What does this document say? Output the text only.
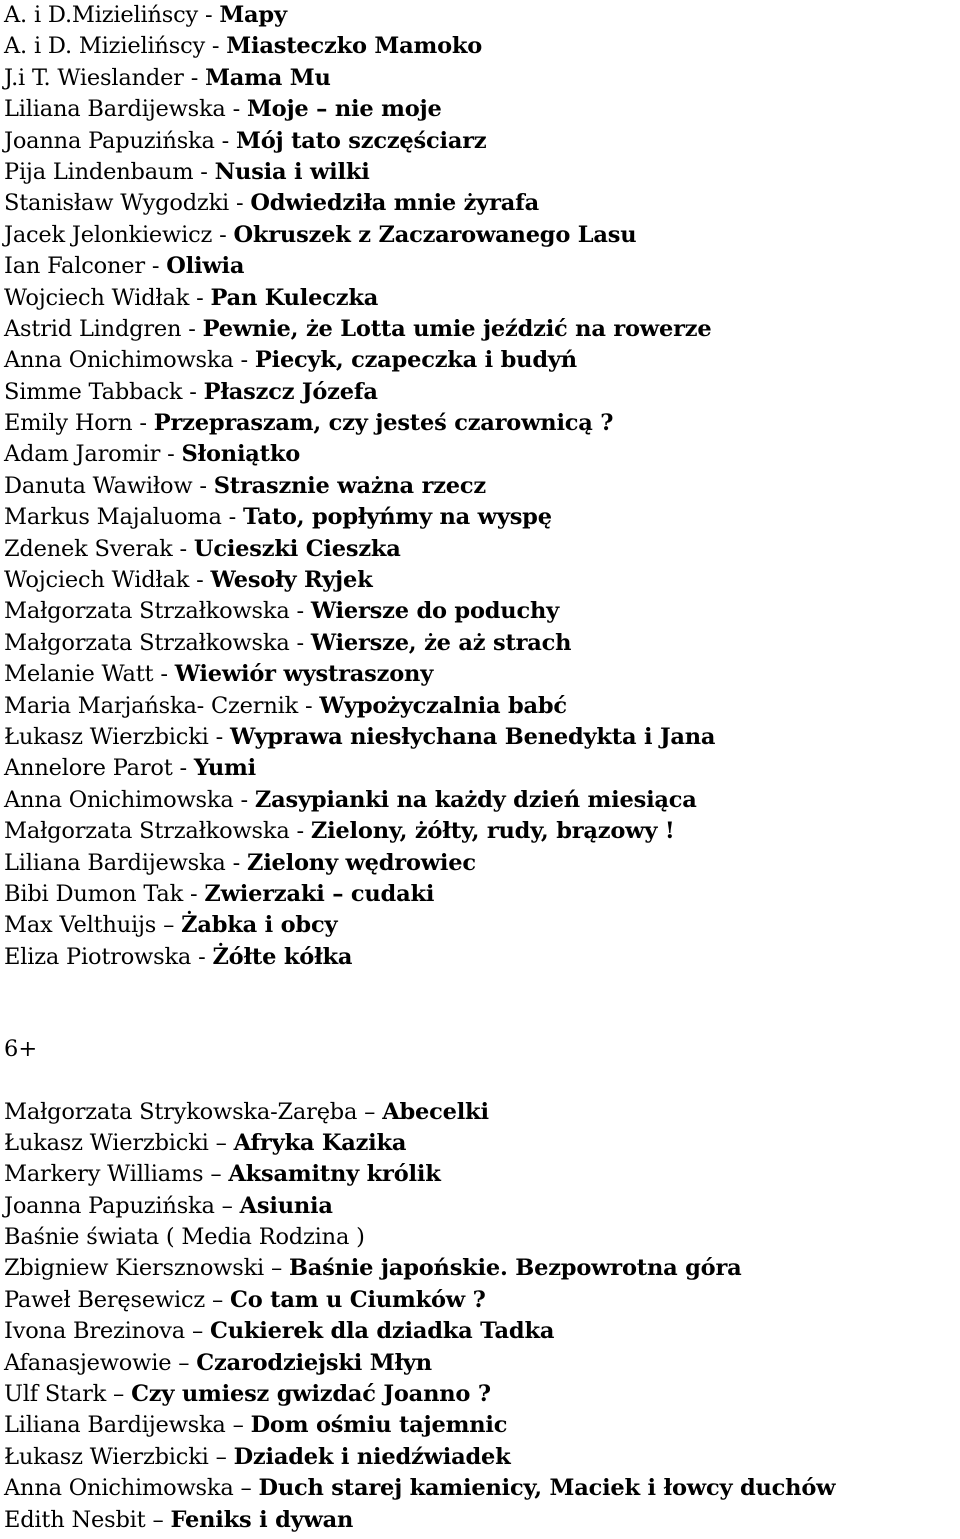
A. i D.Mizielińscy - Mapy
A. i D. Mizielińscy - Miasteczko Mamoko
J.i T. Wieslander - Mama Mu
Liliana Bardijewska - Moje – nie moje
Joanna Papuzińska - Mój tato szczęściarz
Pija Lindenbaum - Nusia i wilki
Stanisław Wygodzki - Odwiedziła mnie żyrafa
Jacek Jelonkiewicz - Okruszek z Zaczarowanego Lasu
Ian Falconer - Oliwia
Wojciech Widłak - Pan Kuleczka
Astrid Lindgren - Pewnie, że Lotta umie jeździć na rowerze
Anna Onichimowska - Piecyk, czapeczka i budyń
Simme Tabback - Płaszcz Józefa
Emily Horn - Przepraszam, czy jesteś czarownicą ?
Adam Jaromir - Słoniątko
Danuta Wawiłow - Strasznie ważna rzecz
Markus Majaluoma - Tato, popłyńmy na wyspę
Zdenek Sverak - Ucieszki Cieszka
Wojciech Widłak - Wesoły Ryjek
Małgorzata Strzałkowska - Wiersze do poduchy
Małgorzata Strzałkowska - Wiersze, że aż strach
Melanie Watt - Wiewiór wystraszony
Maria Marjańska- Czernik - Wypożyczalnia babć
Łukasz Wierzbicki - Wyprawa niesłychana Benedykta i Jana
Annelore Parot - Yumi
Anna Onichimowska - Zasypianki na każdy dzień miesiąca
Małgorzata Strzałkowska - Zielony, żółty, rudy, brązowy !
Liliana Bardijewska - Zielony wędrowiec
Bibi Dumon Tak - Zwierzaki – cudaki
Max Velthuijs – Żabka i obcy
Eliza Piotrowska - Żółte kółka
6+
Małgorzata Strykowska-Zaręba – Abecelki
Łukasz Wierzbicki – Afryka Kazika
Markery Williams – Aksamitny królik
Joanna Papuzińska – Asiunia
Baśnie świata ( Media Rodzina )
Zbigniew Kiersznowski – Baśnie japońskie. Bezpowrotna góra
Paweł Beręsewicz – Co tam u Ciumków ?
Ivona Brezinova – Cukierek dla dziadka Tadka
Afanasjewowie – Czarodziejski Młyn
Ulf Stark – Czy umiesz gwizdać Joanno ?
Liliana Bardijewska – Dom ośmiu tajemnic
Łukasz Wierzbicki – Dziadek i niedźwiadek
Anna Onichimowska – Duch starej kamienicy, Maciek i łowcy duchów
Edith Nesbit – Feniks i dywan
